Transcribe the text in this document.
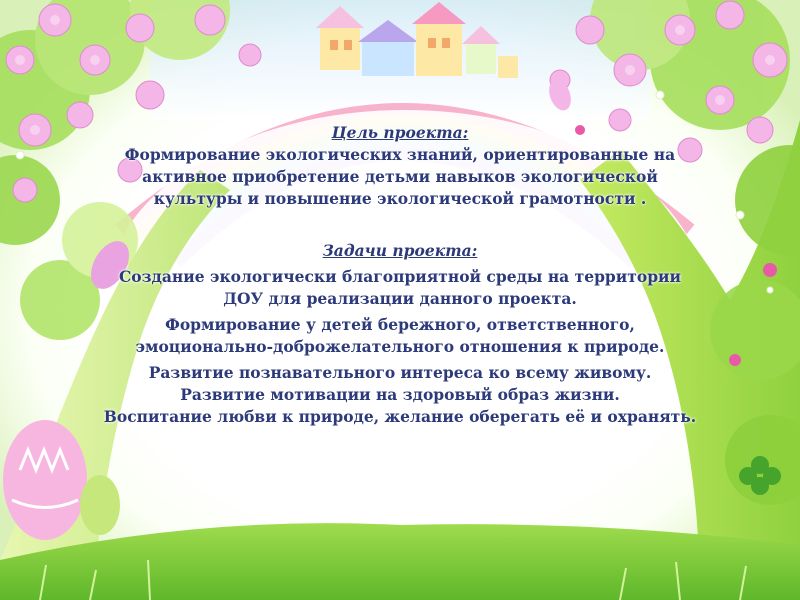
Цель проекта:

Формирование экологических знаний, ориентированные на
активное приобретение детьми навыков экологической
культуры и повышение экологической грамотности .

Задачи проекта:

Создание экологически благоприятной среды на территории
ДОУ для реализации данного проекта.

Формирование у детей бережного, ответственного,
эмоционально-доброжелательного отношения к природе.

Развитие познавательного интереса ко всему живому.

Развитие мотивации на здоровый образ жизни.

Воспитание любви к природе, желание оберегать её и охранять.
